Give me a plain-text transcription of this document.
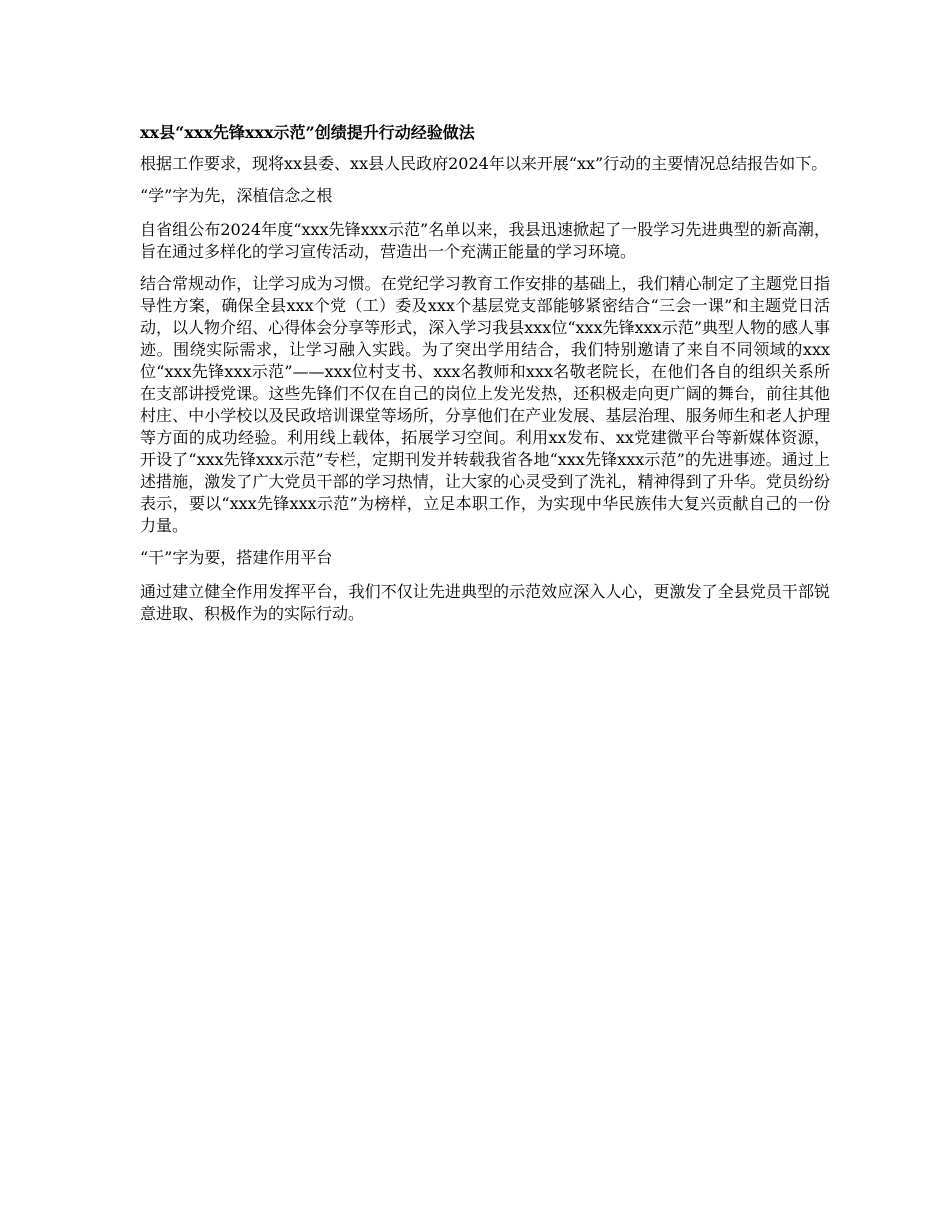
xx县“xxx先锋xxx示范”创绩提升行动经验做法

根据工作要求，现将xx县委、xx县人民政府2024年以来开展“xx”行动的主要情况总结报告如下。

“学”字为先，深植信念之根

自省组公布2024年度“xxx先锋xxx示范”名单以来，我县迅速掀起了一股学习先进典型的新高潮，旨在通过多样化的学习宣传活动，营造出一个充满正能量的学习环境。

结合常规动作，让学习成为习惯。在党纪学习教育工作安排的基础上，我们精心制定了主题党日指导性方案，确保全县xxx个党（工）委及xxx个基层党支部能够紧密结合“三会一课”和主题党日活动，以人物介绍、心得体会分享等形式，深入学习我县xxx位“xxx先锋xxx示范”典型人物的感人事迹。围绕实际需求，让学习融入实践。为了突出学用结合，我们特别邀请了来自不同领域的xxx位“xxx先锋xxx示范”——xxx位村支书、xxx名教师和xxx名敬老院长，在他们各自的组织关系所在支部讲授党课。这些先锋们不仅在自己的岗位上发光发热，还积极走向更广阔的舞台，前往其他村庄、中小学校以及民政培训课堂等场所，分享他们在产业发展、基层治理、服务师生和老人护理等方面的成功经验。利用线上载体，拓展学习空间。利用xx发布、xx党建微平台等新媒体资源，开设了“xxx先锋xxx示范”专栏，定期刊发并转载我省各地“xxx先锋xxx示范”的先进事迹。通过上述措施，激发了广大党员干部的学习热情，让大家的心灵受到了洗礼，精神得到了升华。党员纷纷表示，要以“xxx先锋xxx示范”为榜样，立足本职工作，为实现中华民族伟大复兴贡献自己的一份力量。

“干”字为要，搭建作用平台

通过建立健全作用发挥平台，我们不仅让先进典型的示范效应深入人心，更激发了全县党员干部锐意进取、积极作为的实际行动。
